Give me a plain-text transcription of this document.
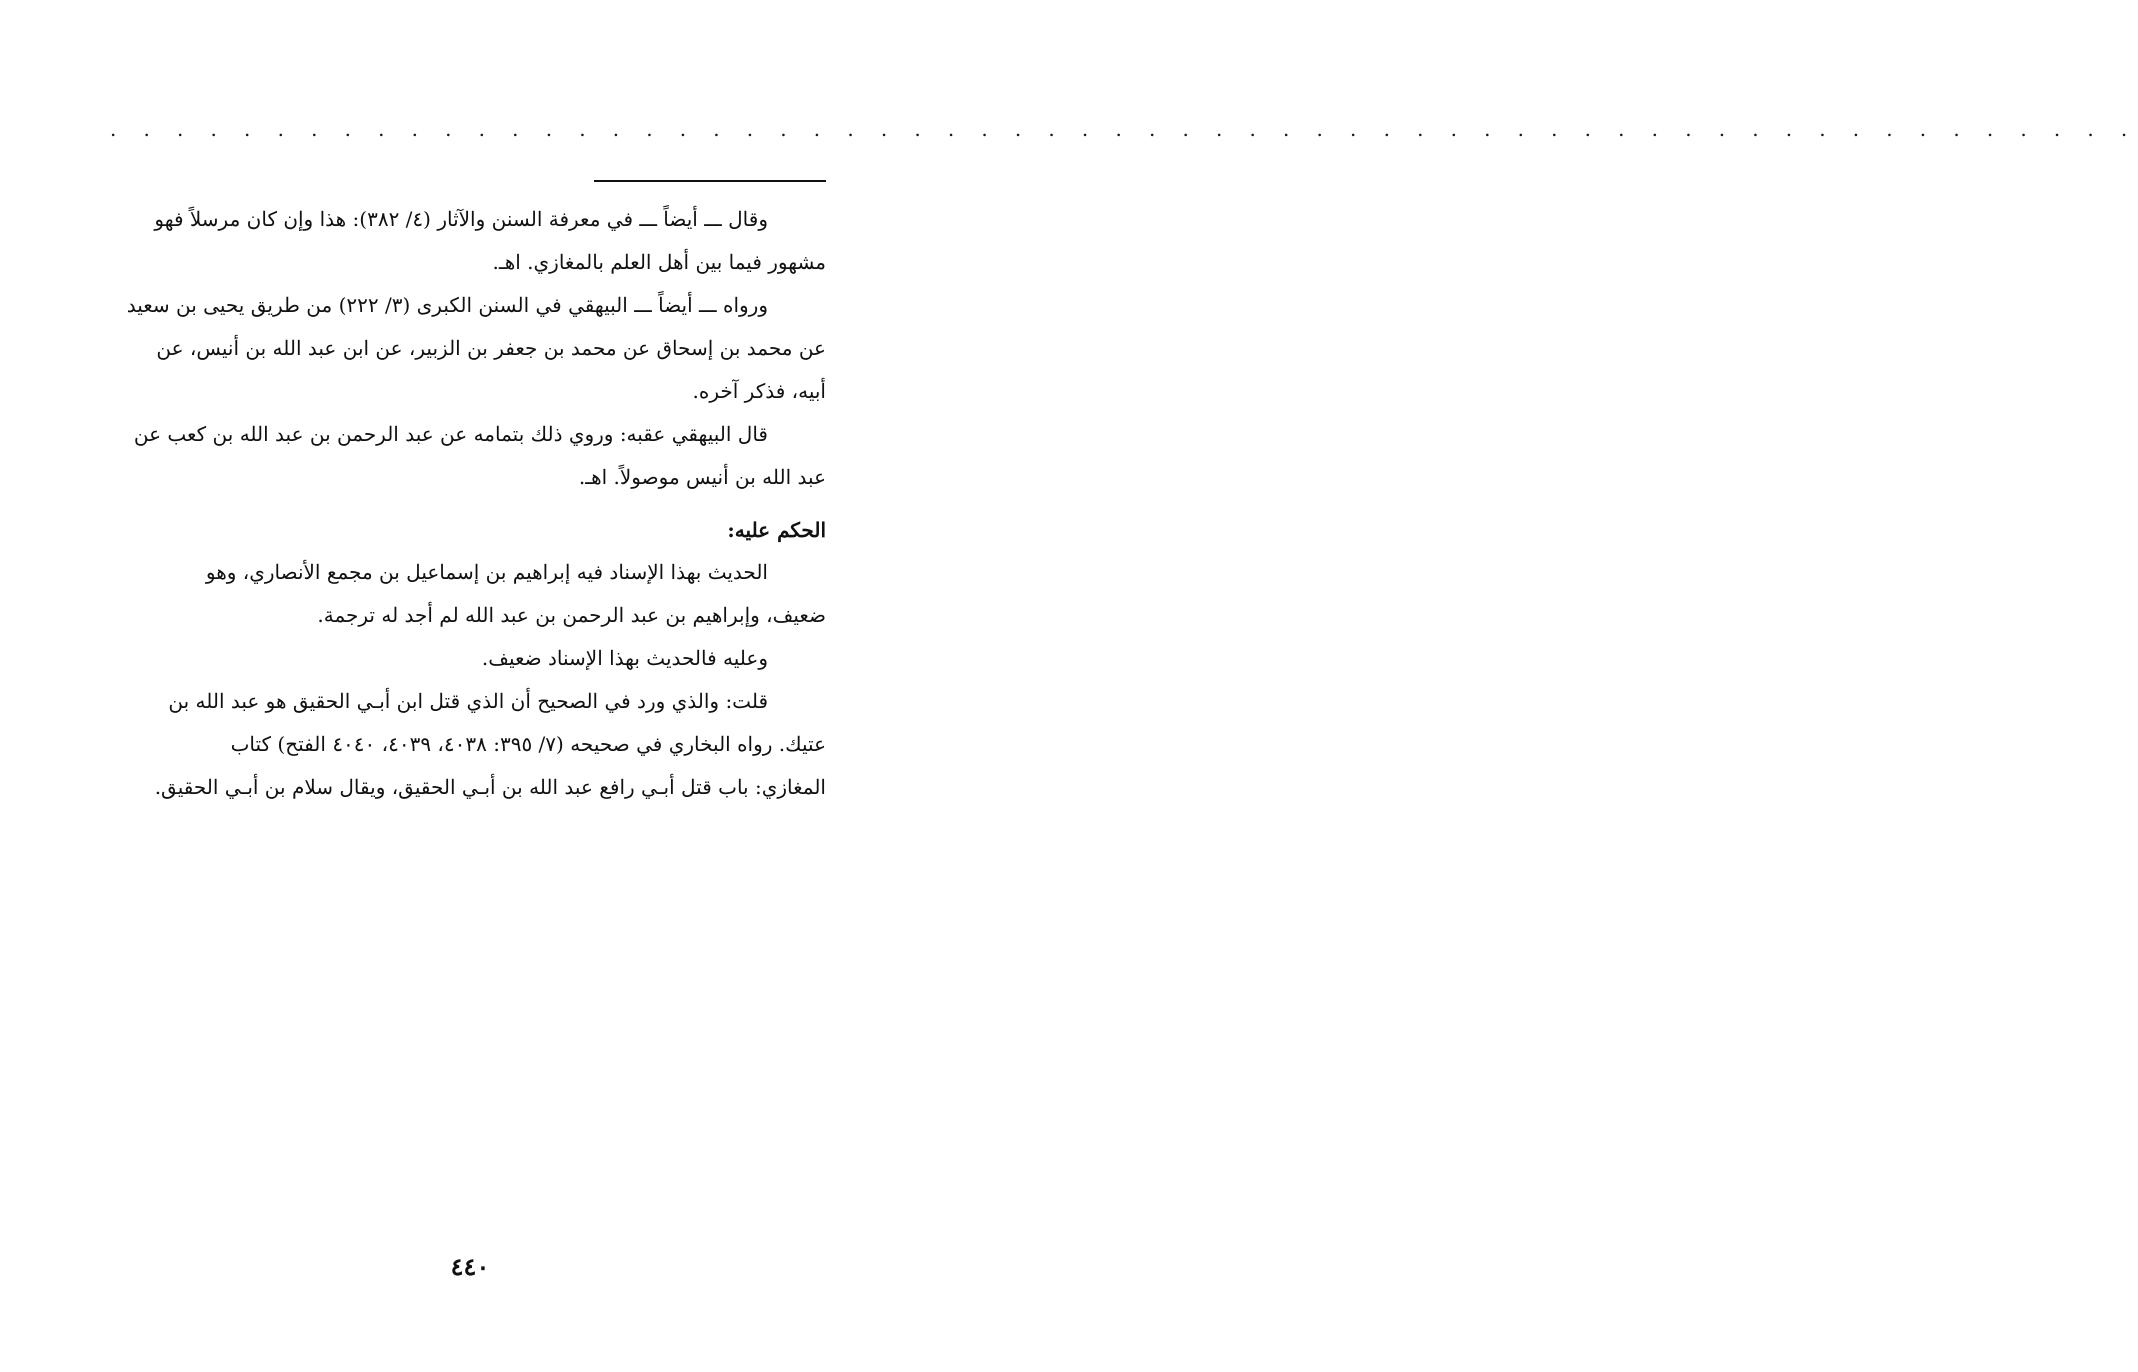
. . . . . . . . . . . . . . . . . . . . . . . . . . . . . . . . . . . . . . . . . . . . . . . . . . . . . . . . . . . . .
وقال ـــ أيضاً ـــ في معرفة السنن والآثار (٤/ ٣٨٢): هذا وإن كان مرسلاً فهو
مشهور فيما بين أهل العلم بالمغازي. اهـ.
ورواه ـــ أيضاً ـــ البيهقي في السنن الكبرى (٣/ ٢٢٢) من طريق يحيى بن سعيد
عن محمد بن إسحاق عن محمد بن جعفر بن الزبير، عن ابن عبد الله بن أنيس، عن
أبيه، فذكر آخره.
قال البيهقي عقبه: وروي ذلك بتمامه عن عبد الرحمن بن عبد الله بن كعب عن
عبد الله بن أنيس موصولاً. اهـ.
الحكم عليه:
الحديث بهذا الإسناد فيه إبراهيم بن إسماعيل بن مجمع الأنصاري، وهو
ضعيف، وإبراهيم بن عبد الرحمن بن عبد الله لم أجد له ترجمة.
وعليه فالحديث بهذا الإسناد ضعيف.
قلت: والذي ورد في الصحيح أن الذي قتل ابن أبـي الحقيق هو عبد الله بن
عتيك. رواه البخاري في صحيحه (٧/ ٣٩٥: ٤٠٣٨، ٤٠٣٩، ٤٠٤٠ الفتح) كتاب
المغازي: باب قتل أبـي رافع عبد الله بن أبـي الحقيق، ويقال سلام بن أبـي الحقيق.
٤٤٠
